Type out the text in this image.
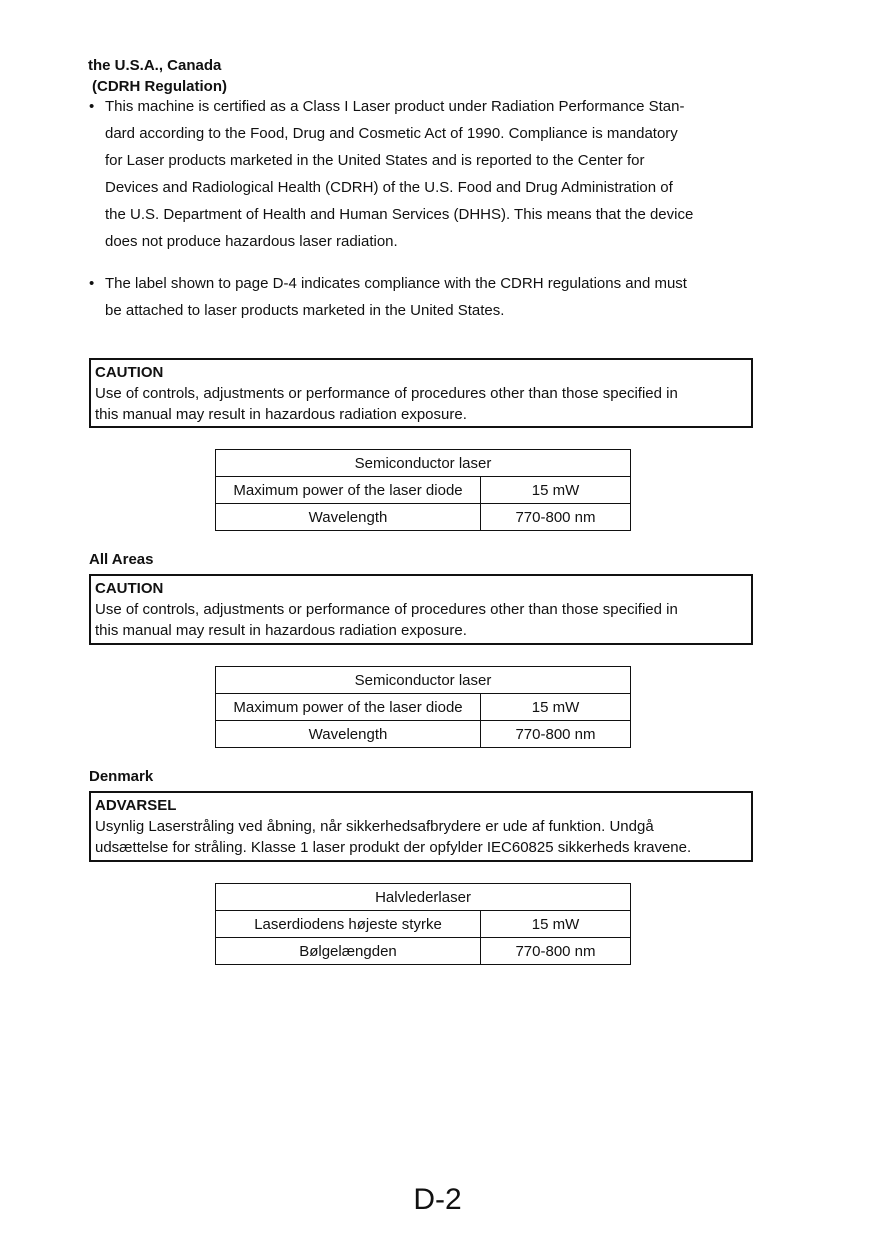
the U.S.A., Canada
(CDRH Regulation)
• This machine is certified as a Class I Laser product under Radiation Performance Stan-
dard according to the Food, Drug and Cosmetic Act of 1990. Compliance is mandatory
for Laser products marketed in the United States and is reported to the Center for
Devices and Radiological Health (CDRH) of the U.S. Food and Drug Administration of
the U.S. Department of Health and Human Services (DHHS). This means that the device
does not produce hazardous laser radiation.
• The label shown to page D-4 indicates compliance with the CDRH regulations and must
be attached to laser products marketed in the United States.
CAUTION
Use of controls, adjustments or performance of procedures other than those specified in
this manual may result in hazardous radiation exposure.
Semiconductor laser	
Maximum power of the laser diode	15 mW
Wavelength	770-800 nm
All Areas
CAUTION
Use of controls, adjustments or performance of procedures other than those specified in
this manual may result in hazardous radiation exposure.
Semiconductor laser	
Maximum power of the laser diode	15 mW
Wavelength	770-800 nm
Denmark
ADVARSEL
Usynlig Laserstråling ved åbning, når sikkerhedsafbrydere er ude af funktion. Undgå
udsættelse for stråling. Klasse 1 laser produkt der opfylder IEC60825 sikkerheds kravene.
Halvlederlaser	
Laserdiodens højeste styrke	15 mW
Bølgelængden	770-800 nm
D-2
